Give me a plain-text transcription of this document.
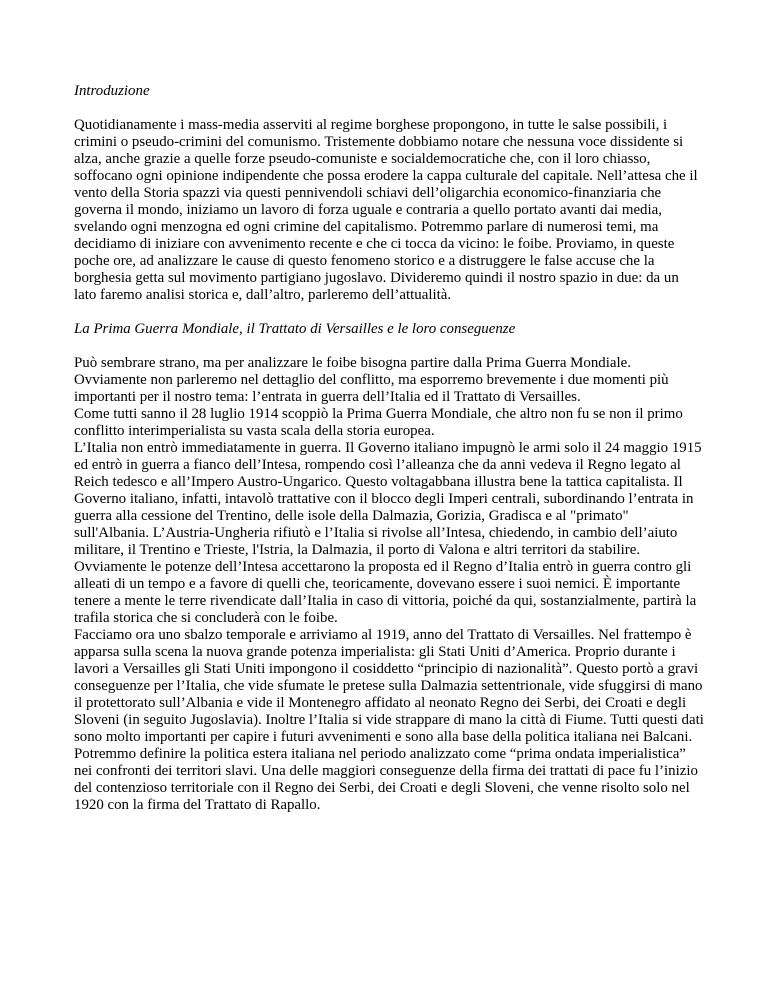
Introduzione

Quotidianamente i mass-media asserviti al regime borghese propongono, in tutte le salse possibili, i crimini o pseudo-crimini del comunismo. Tristemente dobbiamo notare che nessuna voce dissidente si alza, anche grazie a quelle forze pseudo-comuniste e socialdemocratiche che, con il loro chiasso, soffocano ogni opinione indipendente che possa erodere la cappa culturale del capitale. Nell’attesa che il vento della Storia spazzi via questi pennivendoli schiavi dell’oligarchia economico-finanziaria che governa il mondo, iniziamo un lavoro di forza uguale e contraria a quello portato avanti dai media, svelando ogni menzogna ed ogni crimine del capitalismo. Potremmo parlare di numerosi temi, ma decidiamo di iniziare con avvenimento recente e che ci tocca da vicino: le foibe. Proviamo, in queste poche ore, ad analizzare le cause di questo fenomeno storico e a distruggere le false accuse che la borghesia getta sul movimento partigiano jugoslavo. Divideremo quindi il nostro spazio in due: da un lato faremo analisi storica e, dall’altro, parleremo dell’attualità.

La Prima Guerra Mondiale, il Trattato di Versailles e le loro conseguenze

Può sembrare strano, ma per analizzare le foibe bisogna partire dalla Prima Guerra Mondiale. Ovviamente non parleremo nel dettaglio del conflitto, ma esporremo brevemente i due momenti più importanti per il nostro tema: l’entrata in guerra dell’Italia ed il Trattato di Versailles.

Come tutti sanno il 28 luglio 1914 scoppiò la Prima Guerra Mondiale, che altro non fu se non il primo conflitto interimperialista su vasta scala della storia europea.

L’Italia non entrò immediatamente in guerra. Il Governo italiano impugnò le armi solo il 24 maggio 1915 ed entrò in guerra a fianco dell’Intesa, rompendo così l’alleanza che da anni vedeva il Regno legato al Reich tedesco e all’Impero Austro-Ungarico. Questo voltagabbana illustra bene la tattica capitalista. Il Governo italiano, infatti, intavolò trattative con il blocco degli Imperi centrali, subordinando l’entrata in guerra alla cessione del Trentino, delle isole della Dalmazia, Gorizia, Gradisca e al "primato" sull'Albania. L’Austria-Ungheria rifiutò e l’Italia si rivolse all’Intesa, chiedendo, in cambio dell’aiuto militare, il Trentino e Trieste, l'Istria, la Dalmazia, il porto di Valona e altri territori da stabilire. Ovviamente le potenze dell’Intesa accettarono la proposta ed il Regno d’Italia entrò in guerra contro gli alleati di un tempo e a favore di quelli che, teoricamente, dovevano essere i suoi nemici. È importante tenere a mente le terre rivendicate dall’Italia in caso di vittoria, poiché da qui, sostanzialmente, partirà la trafila storica che si concluderà con le foibe.

Facciamo ora uno sbalzo temporale e arriviamo al 1919, anno del Trattato di Versailles. Nel frattempo è apparsa sulla scena la nuova grande potenza imperialista: gli Stati Uniti d’America. Proprio durante i lavori a Versailles gli Stati Uniti impongono il cosiddetto “principio di nazionalità”. Questo portò a gravi conseguenze per l’Italia, che vide sfumate le pretese sulla Dalmazia settentrionale, vide sfuggirsi di mano il protettorato sull’Albania e vide il Montenegro affidato al neonato Regno dei Serbi, dei Croati e degli Sloveni (in seguito Jugoslavia). Inoltre l’Italia si vide strappare di mano la città di Fiume. Tutti questi dati sono molto importanti per capire i futuri avvenimenti e sono alla base della politica italiana nei Balcani.

Potremmo definire la politica estera italiana nel periodo analizzato come “prima ondata imperialistica” nei confronti dei territori slavi. Una delle maggiori conseguenze della firma dei trattati di pace fu l’inizio del contenzioso territoriale con il Regno dei Serbi, dei Croati e degli Sloveni, che venne risolto solo nel 1920 con la firma del Trattato di Rapallo.
